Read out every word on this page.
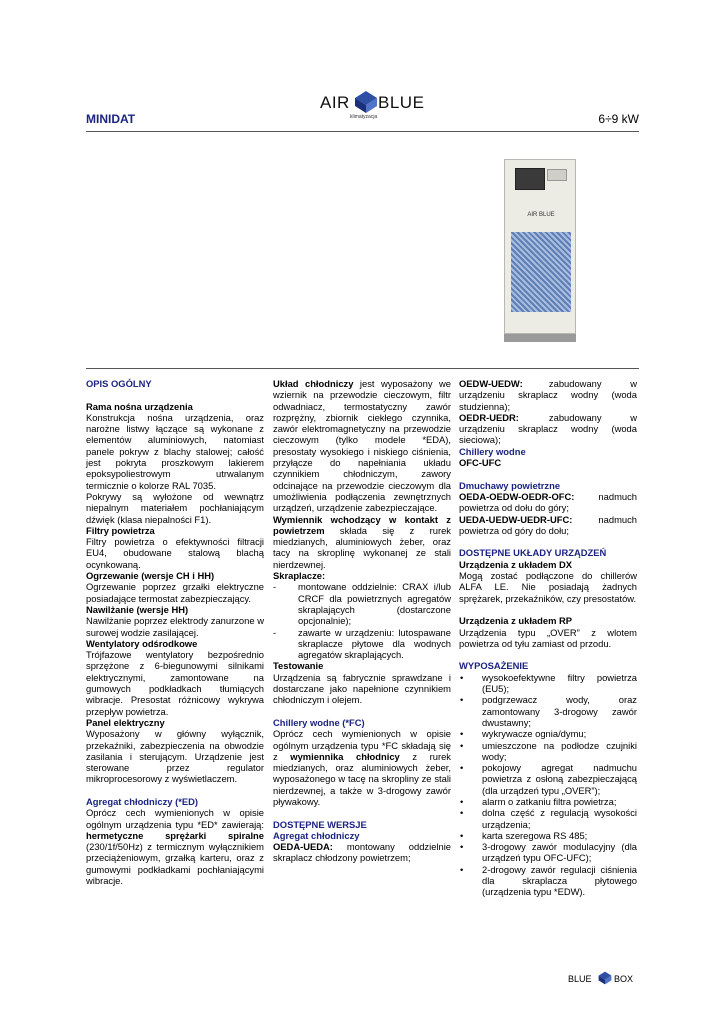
AIR BLUE
klimatyzacja
MINIDAT	6÷9 kW
AIR BLUE

OPIS OGÓLNY

Rama nośna urządzenia

Konstrukcja nośna urządzenia, oraz narożne listwy łączące są wykonane z elementów aluminiowych, natomiast panele pokryw z blachy stalowej; całość jest pokryta proszkowym lakierem epoksypoliestrowym utrwalanym termicznie o kolorze RAL 7035.

Pokrywy są wyłożone od wewnątrz niepalnym materiałem pochłaniającym dźwięk (klasa niepalności F1).

Filtry powietrza

Filtry powietrza o efektywności filtracji EU4, obudowane stalową blachą ocynkowaną.

Ogrzewanie (wersje CH i HH)

Ogrzewanie poprzez grzałki elektryczne posiadające termostat zabezpieczający.

Nawilżanie (wersje HH)

Nawilżanie poprzez elektrody zanurzone w surowej wodzie zasilającej.

Wentylatory odśrodkowe

Trójfazowe wentylatory bezpośrednio sprzężone z 6-biegunowymi silnikami elektrycznymi, zamontowane na gumowych podkładkach tłumiących wibracje. Presostat różnicowy wykrywa przepływ powietrza.

Panel elektryczny

Wyposażony w główny wyłącznik, przekaźniki, zabezpieczenia na obwodzie zasilania i sterującym. Urządzenie jest sterowane przez regulator mikroprocesorowy z wyświetlaczem.

Agregat chłodniczy (*ED)

Oprócz cech wymienionych w opisie ogólnym urządzenia typu *ED* zawierają: hermetyczne sprężarki spiralne (230/1f/50Hz) z termicznym wyłącznikiem przeciążeniowym, grzałką karteru, oraz z gumowymi podkładkami pochłaniającymi wibracje.

Układ chłodniczy jest wyposażony we wziernik na przewodzie cieczowym, filtr odwadniacz, termostatyczny zawór rozprężny, zbiornik ciekłego czynnika, zawór elektromagnetyczny na przewodzie cieczowym (tylko modele *EDA), presostaty wysokiego i niskiego ciśnienia, przyłącze do napełniania układu czynnikiem chłodniczym, zawory odcinające na przewodzie cieczowym dla umożliwienia podłączenia zewnętrznych urządzeń, urządzenie zabezpieczające.

Wymiennik wchodzący w kontakt z powietrzem składa się z rurek miedzianych, aluminiowych żeber, oraz tacy na skroplinę wykonanej ze stali nierdzewnej.

Skraplacze:

- montowane oddzielnie: CRAX i/lub CRCF dla powietrznych agregatów skraplających (dostarczone opcjonalnie);
- zawarte w urządzeniu: lutospawane skraplacze płytowe dla wodnych agregatów skraplających.

Testowanie

Urządzenia są fabrycznie sprawdzane i dostarczane jako napełnione czynnikiem chłodniczym i olejem.

Chillery wodne (*FC)

Oprócz cech wymienionych w opisie ogólnym urządzenia typu *FC składają się z wymiennika chłodnicy z rurek miedzianych, oraz aluminiowych żeber, wyposażonego w tacę na skropliny ze stali nierdzewnej, a także w 3-drogowy zawór pływakowy.

DOSTĘPNE WERSJE

Agregat chłodniczy

OEDA-UEDA: montowany oddzielnie skraplacz chłodzony powietrzem;

OEDW-UEDW:	zabudowany           w

urządzeniu skraplacz wodny (woda studzienna);

OEDR-UEDR:	zabudowany           w

urządzeniu skraplacz wodny (woda sieciowa);

Chillery wodne

OFC-UFC

Dmuchawy powietrzne

OEDA-OEDW-OEDR-OFC:	nadmuch

powietrza od dołu do góry;

UEDA-UEDW-UEDR-UFC:	nadmuch

powietrza od góry do dołu;

DOSTĘPNE UKŁADY URZĄDZEŃ

Urządzenia z układem DX

Mogą zostać podłączone do chillerów ALFA LE. Nie posiadają żadnych sprężarek, przekaźników, czy presostatów.

Urządzenia z układem RP

Urządzenia typu „OVER” z wlotem powietrza od tyłu zamiast od przodu.

WYPOSAŻENIE

• wysokoefektywne filtry powietrza (EU5);
• podgrzewacz wody, oraz zamontowany 3-drogowy zawór dwustawny;
• wykrywacze ognia/dymu;
• umieszczone na podłodze czujniki wody;
• pokojowy agregat nadmuchu powietrza z osłoną zabezpieczającą (dla urządzeń typu „OVER”);
• alarm o zatkaniu filtra powietrza;
• dolna część z regulacją wysokości urządzenia;
• karta szeregowa RS 485;
• 3-drogowy zawór modulacyjny (dla urządzeń typu OFC-UFC);
• 2-drogowy zawór regulacji ciśnienia dla skraplacza płytowego (urządzenia typu *EDW).
BLUE BOX
